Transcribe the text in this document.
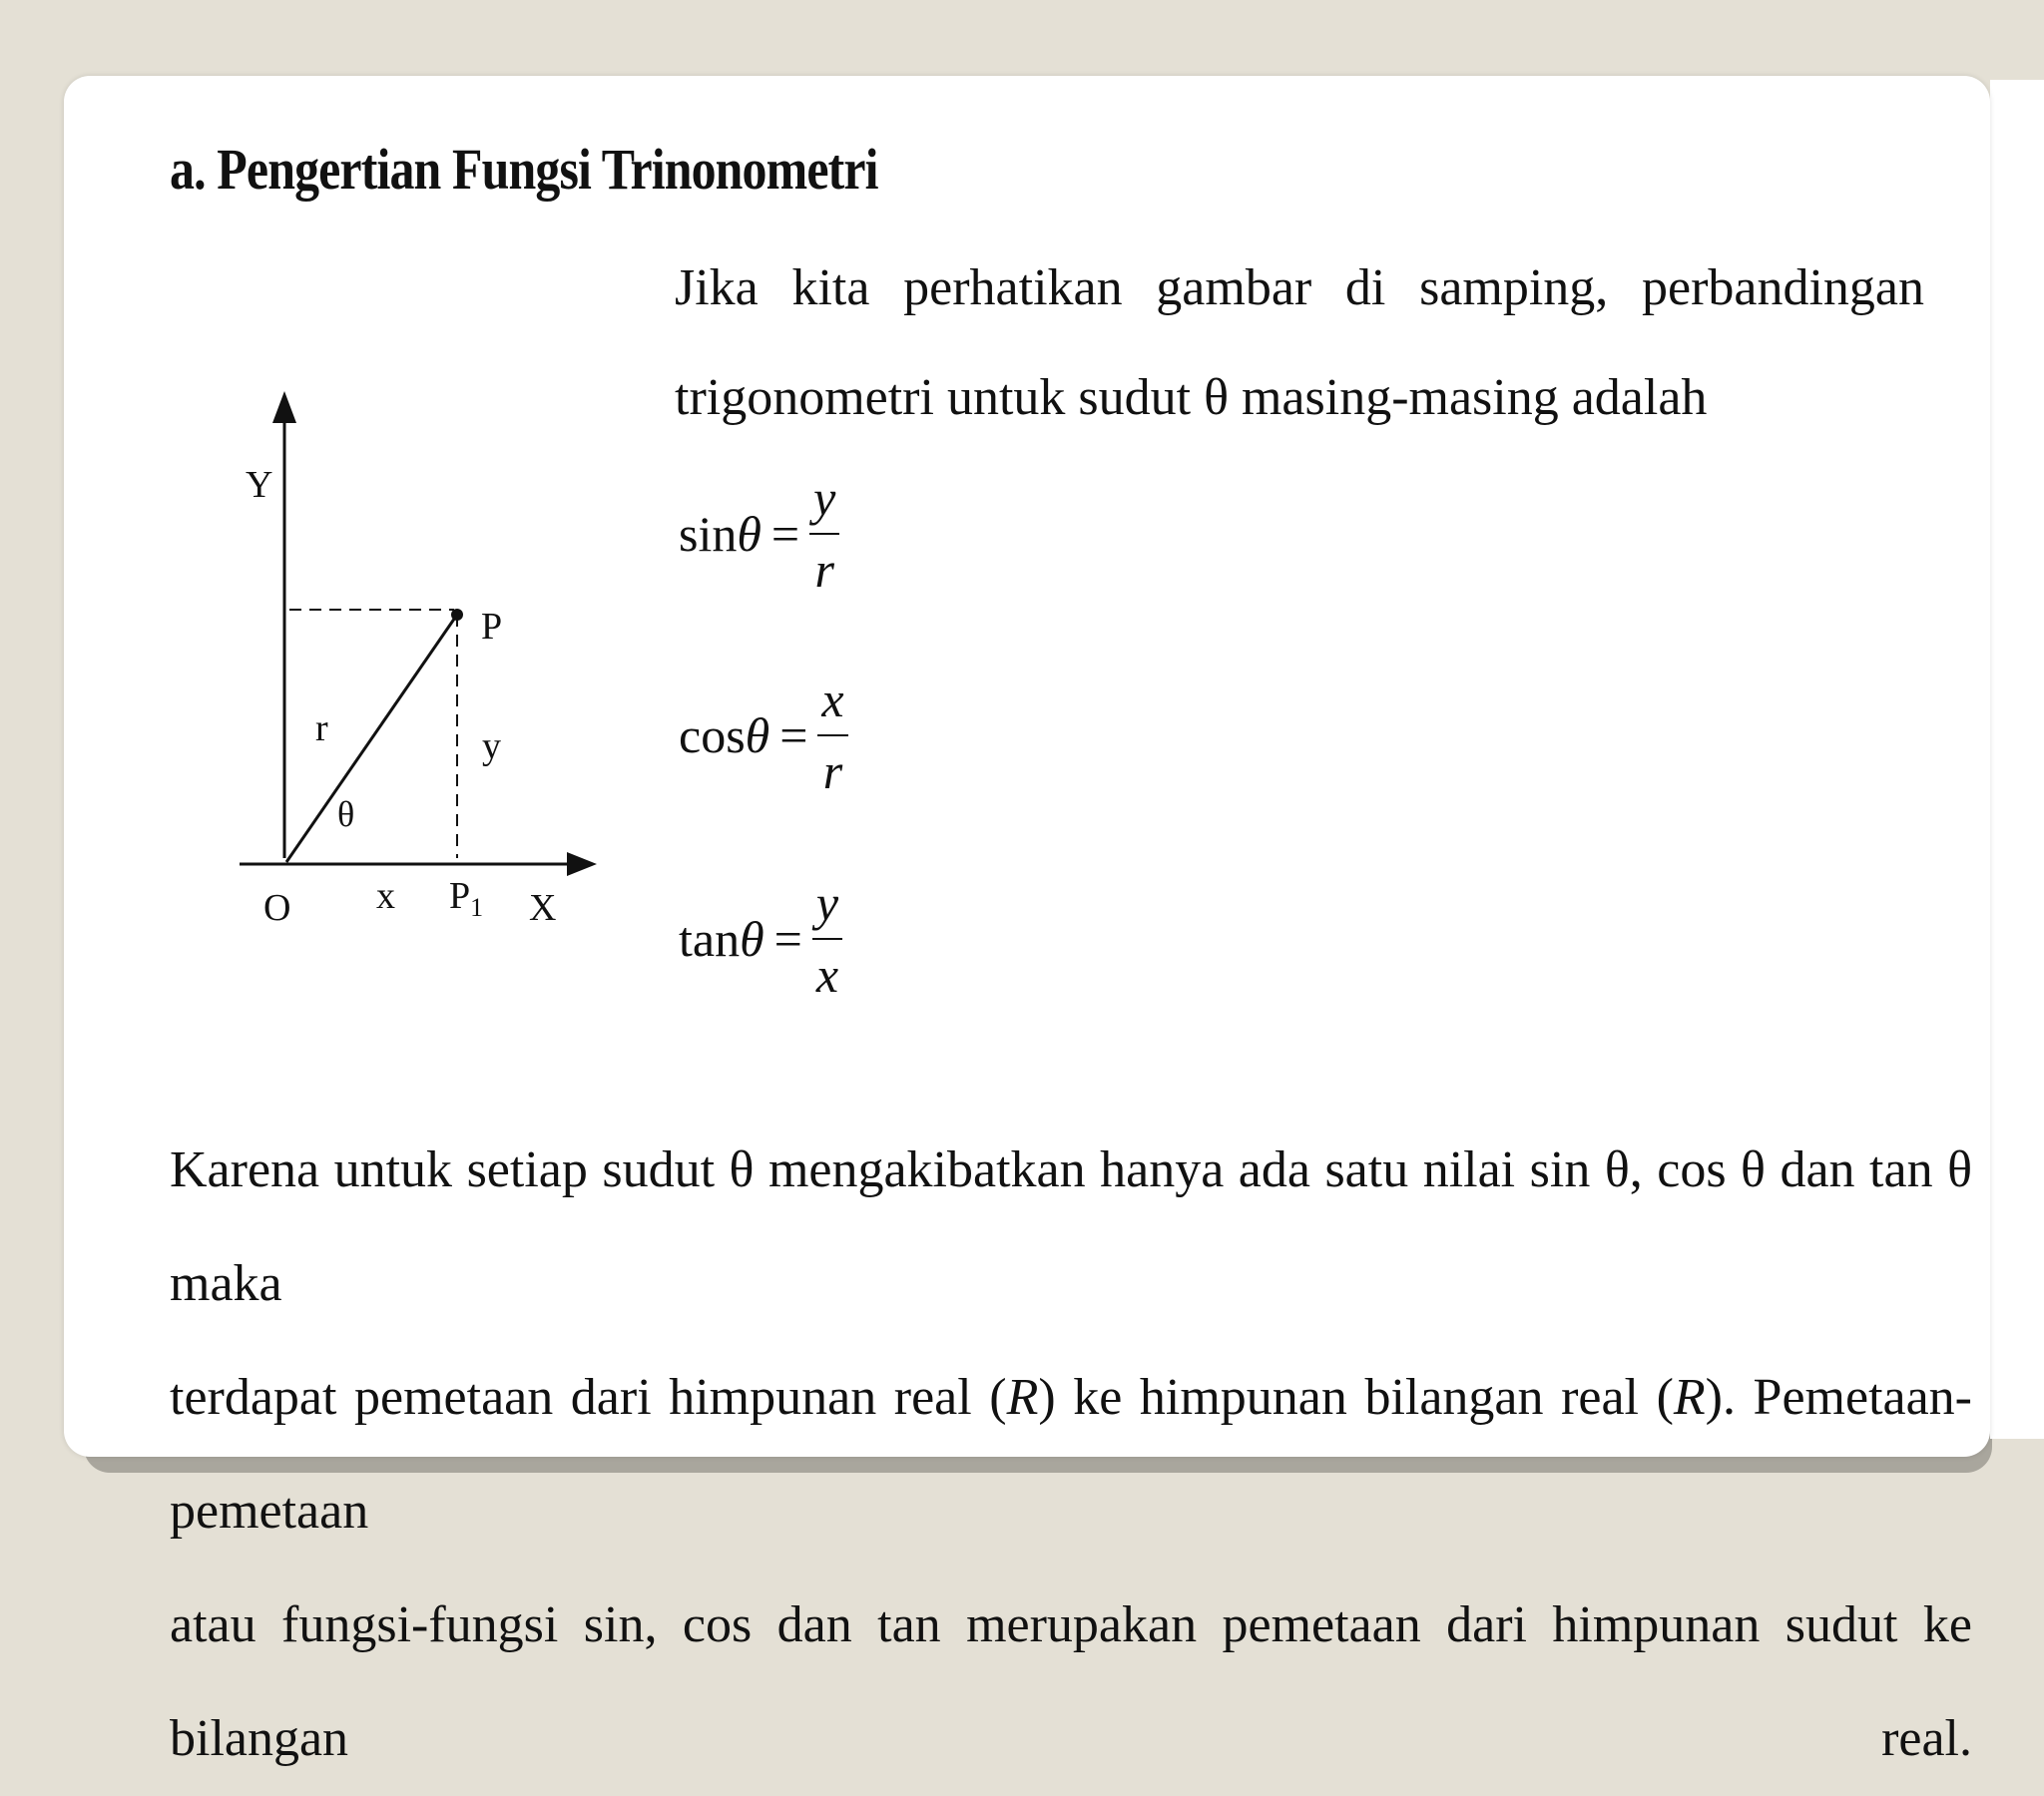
a. Pengertian Fungsi Trinonometri
Jika kita perhatikan gambar di samping, perbandingan
trigonometri untuk sudut θ masing-masing adalah
Y
P
r	y
θ
O x $P_1$ X
$\sin \theta = \frac{y}{r}$
$\cos \theta = \frac{x}{r}$
$\tan \theta = \frac{y}{x}$
Karena untuk setiap sudut θ mengakibatkan hanya ada satu nilai sin θ, cos θ dan tan θ maka
terdapat pemetaan dari himpunan real (R) ke himpunan bilangan real (R). Pemetaan-pemetaan
atau fungsi-fungsi sin, cos dan tan merupakan pemetaan dari himpunan sudut ke bilangan real.
